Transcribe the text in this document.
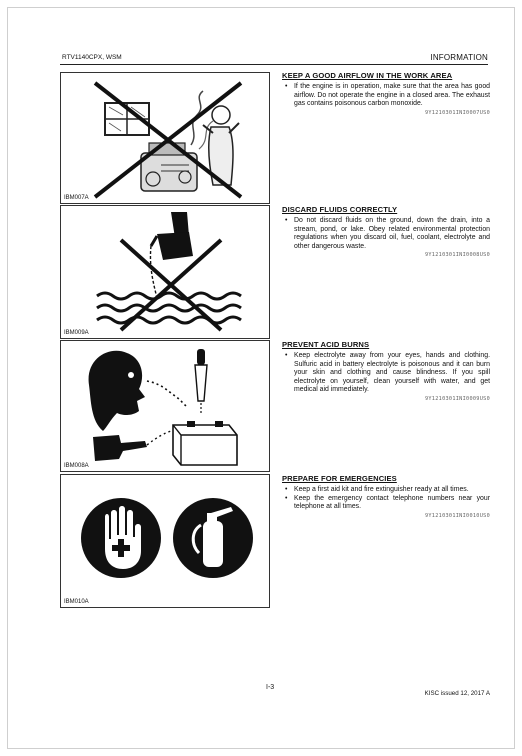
RTV1140CPX, WSM	INFORMATION
IBM007A
IBM009A
IBM008A
IBM010A
KEEP A GOOD AIRFLOW IN THE WORK AREA
• If the engine is in operation, make sure that the area has good airflow. Do not operate the engine in a closed area. The exhaust gas contains poisonous carbon monoxide.
9Y1210301INI0007US0
DISCARD FLUIDS CORRECTLY
• Do not discard fluids on the ground, down the drain, into a stream, pond, or lake. Obey related environmental protection regulations when you discard oil, fuel, coolant, electrolyte and other dangerous waste.
9Y1210301INI0008US0
PREVENT ACID BURNS
• Keep electrolyte away from your eyes, hands and clothing. Sulfuric acid in battery electrolyte is poisonous and it can burn your skin and clothing and cause blindness. If you spill electrolyte on yourself, clean yourself with water, and get medical aid immediately.
9Y1210301INI0009US0
PREPARE FOR EMERGENCIES
• Keep a first aid kit and fire extinguisher ready at all times.
• Keep the emergency contact telephone numbers near your telephone at all times.
9Y1210301INI0010US0
I-3
KISC issued 12, 2017 A
